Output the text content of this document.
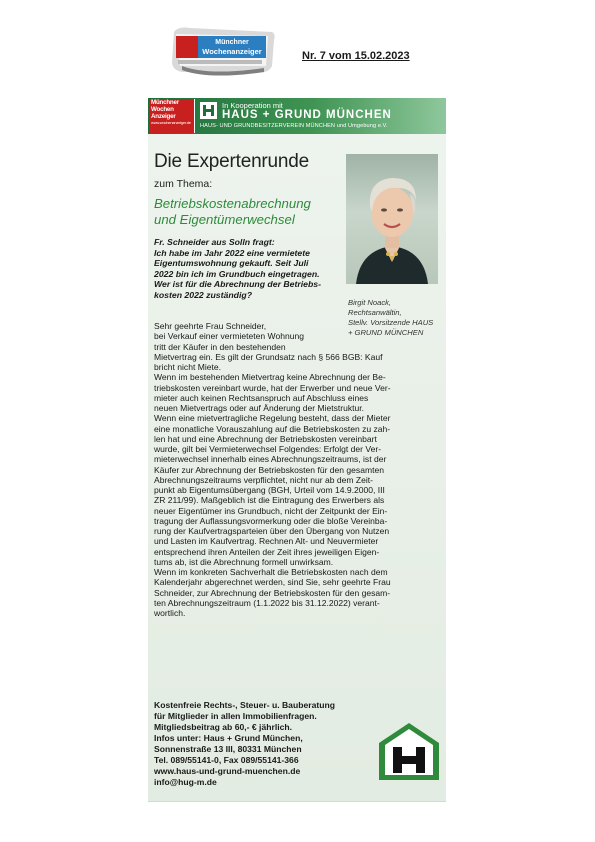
Münchner
Wochenanzeiger	Nr. 7 vom 15.02.2023
Münchner
Wochen
Anzeiger
www.wochenanzeiger.de
In Kooperation mit
HAUS + GRUND MÜNCHEN
HAUS- UND GRUNDBESITZERVEREIN MÜNCHEN und Umgebung e.V.
Die Expertenrunde
zum Thema:
Betriebskostenabrechnung
und Eigentümerwechsel
Birgit Noack,
Rechtsanwältin,
Stellv. Vorsitzende HAUS
+ GRUND MÜNCHEN
Fr. Schneider aus Solln fragt:
Ich habe im Jahr 2022 eine vermietete
Eigentumswohnung gekauft. Seit Juli
2022 bin ich im Grundbuch eingetragen.
Wer ist für die Abrechnung der Betriebs-
kosten 2022 zuständig?

Sehr geehrte Frau Schneider,

bei Verkauf einer vermieteten Wohnung

tritt der Käufer in den bestehenden

Mietvertrag ein. Es gilt der Grundsatz nach § 566 BGB: Kauf

bricht nicht Miete.

Wenn im bestehenden Mietvertrag keine Abrechnung der Be-

triebskosten vereinbart wurde, hat der Erwerber und neue Ver-

mieter auch keinen Rechtsanspruch auf Abschluss eines

neuen Mietvertrags oder auf Änderung der Mietstruktur.

Wenn eine mietvertragliche Regelung besteht, dass der Mieter

eine monatliche Vorauszahlung auf die Betriebskosten zu zah-

len hat und eine Abrechnung der Betriebskosten vereinbart

wurde, gilt bei Vermieterwechsel Folgendes: Erfolgt der Ver-

mieterwechsel innerhalb eines Abrechnungszeitraums, ist der

Käufer zur Abrechnung der Betriebskosten für den gesamten

Abrechnungszeitraums verpflichtet, nicht nur ab dem Zeit-

punkt ab Eigentumsübergang (BGH, Urteil vom 14.9.2000, III

ZR 211/99). Maßgeblich ist die Eintragung des Erwerbers als

neuer Eigentümer ins Grundbuch, nicht der Zeitpunkt der Ein-

tragung der Auflassungsvormerkung oder die bloße Vereinba-

rung der Kaufvertragsparteien über den Übergang von Nutzen

und Lasten im Kaufvertrag. Rechnen Alt- und Neuvermieter

entsprechend ihren Anteilen der Zeit ihres jeweiligen Eigen-

tums ab, ist die Abrechnung formell unwirksam.

Wenn im konkreten Sachverhalt die Betriebskosten nach dem

Kalenderjahr abgerechnet werden, sind Sie, sehr geehrte Frau

Schneider, zur Abrechnung der Betriebskosten für den gesam-

ten Abrechnungszeitraum (1.1.2022 bis 31.12.2022) verant-

wortlich.

Kostenfreie Rechts-, Steuer- u. Bauberatung

für Mitglieder in allen Immobilienfragen.

Mitgliedsbeitrag ab 60,- € jährlich.

Infos unter: Haus + Grund München,

Sonnenstraße 13 III, 80331 München

Tel. 089/55141-0, Fax 089/55141-366

www.haus-und-grund-muenchen.de

info@hug-m.de
